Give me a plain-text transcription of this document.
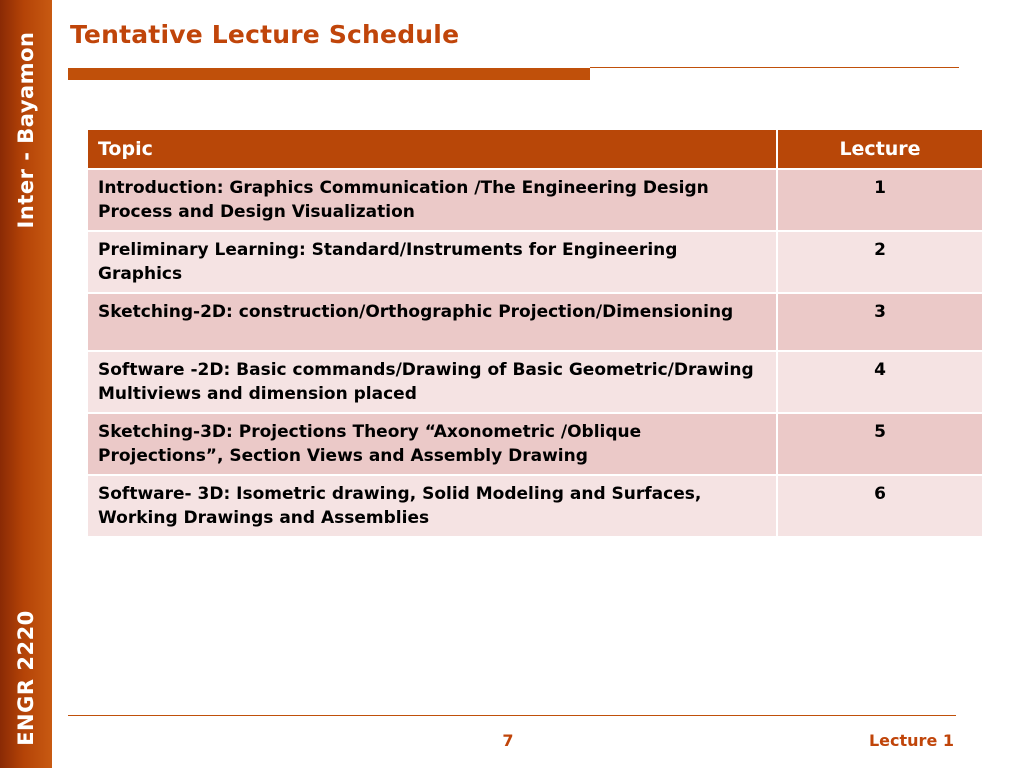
Inter - Bayamon
ENGR 2220
Tentative Lecture Schedule
Topic	Lecture
Introduction: Graphics Communication /The Engineering Design Process and Design Visualization	1
Preliminary Learning: Standard/Instruments for Engineering Graphics	2
Sketching-2D: construction/Orthographic Projection/Dimensioning	3
Software -2D: Basic commands/Drawing of Basic Geometric/Drawing Multiviews and dimension placed	4
Sketching-3D: Projections Theory “Axonometric /Oblique Projections”, Section Views and Assembly Drawing	5
Software- 3D: Isometric drawing, Solid Modeling and Surfaces, Working Drawings and Assemblies	6
7	Lecture 1
